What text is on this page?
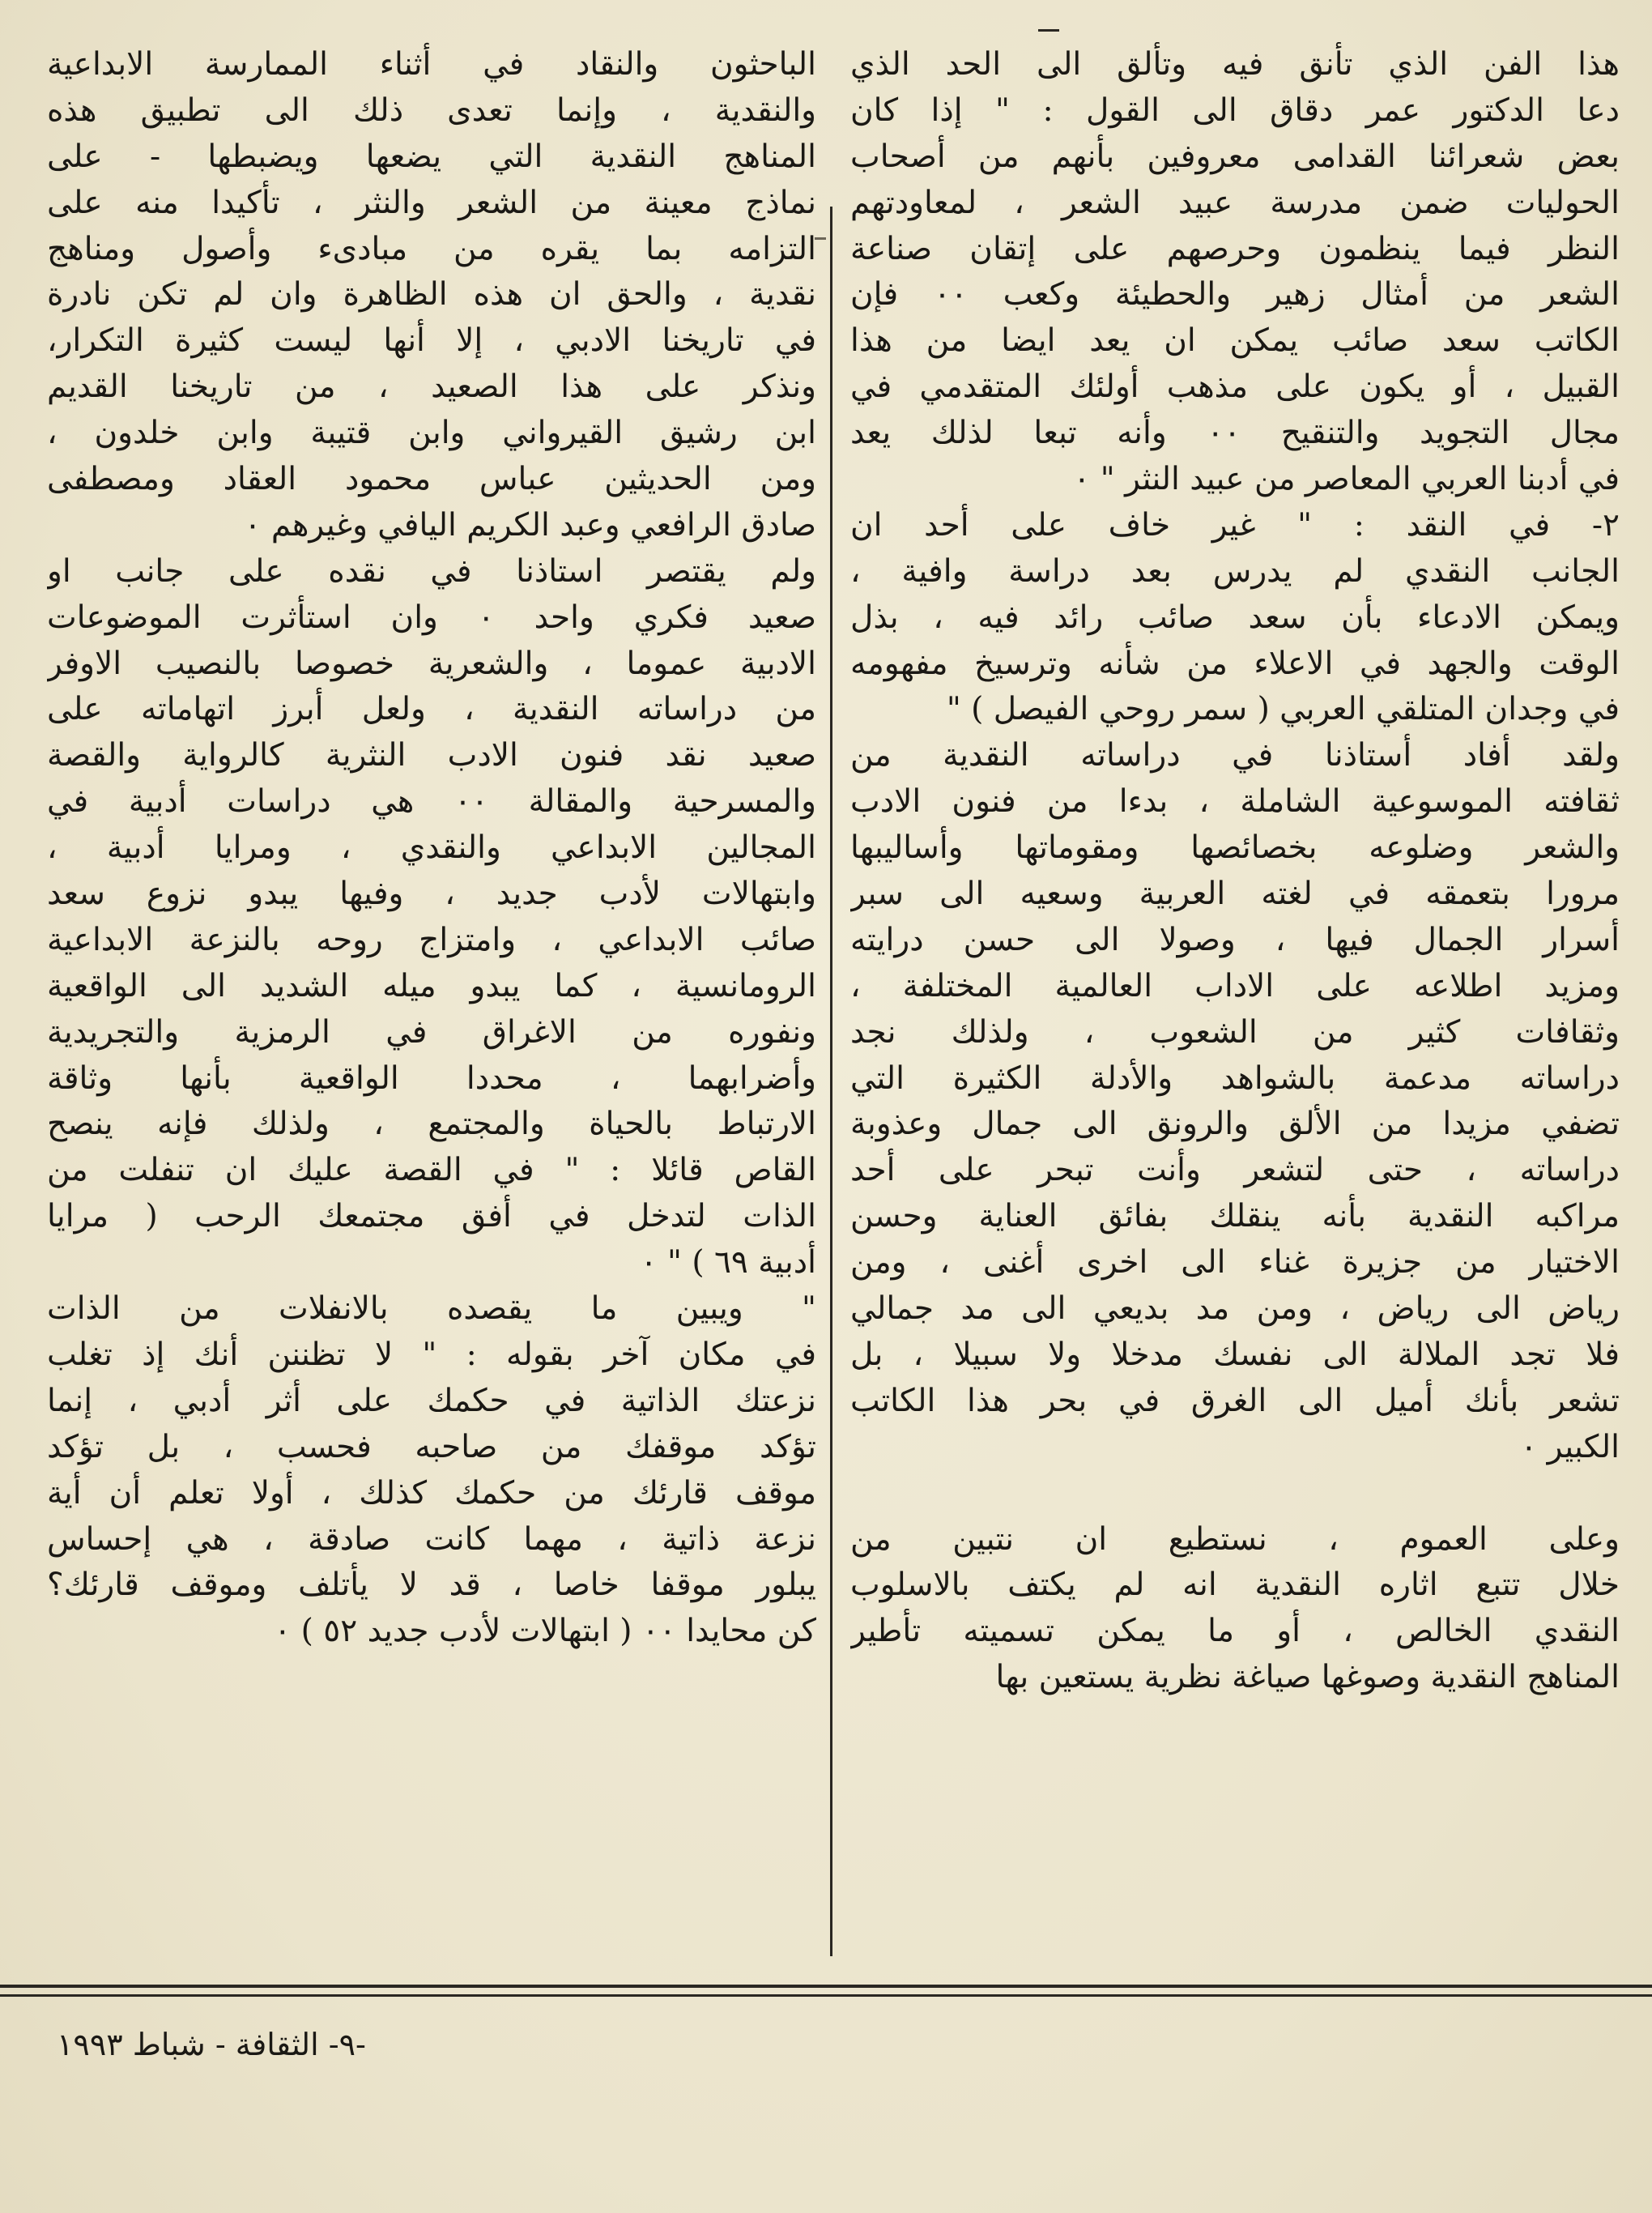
هذا الفن الذي تأنق فيه وتألق الى الحد الذي
دعا الدكتور عمر دقاق الى القول : " إذا كان
بعض شعرائنا القدامى معروفين بأنهم من أصحاب
الحوليات ضمن مدرسة عبيد الشعر ، لمعاودتهم
النظر فيما ينظمون وحرصهم على إتقان صناعة
الشعر من أمثال زهير والحطيئة وكعب ٠٠ فإن
الكاتب سعد صائب يمكن ان يعد ايضا من هذا
القبيل ، أو يكون على مذهب أولئك المتقدمي في
مجال التجويد والتنقيح ٠٠ وأنه تبعا لذلك يعد
في أدبنا العربي المعاصر من عبيد النثر " ٠
٢- في النقد : " غير خاف على أحد ان
الجانب النقدي لم يدرس بعد دراسة وافية ،
ويمكن الادعاء بأن سعد صائب رائد فيه ، بذل
الوقت والجهد في الاعلاء من شأنه وترسيخ مفهومه
في وجدان المتلقي العربي ( سمر روحي الفيصل ) "
ولقد أفاد أستاذنا في دراساته النقدية من
ثقافته الموسوعية الشاملة ، بدءا من فنون الادب
والشعر وضلوعه بخصائصها ومقوماتها وأساليبها
مرورا بتعمقه في لغته العربية وسعيه الى سبر
أسرار الجمال فيها ، وصولا الى حسن درايته
ومزيد اطلاعه على الاداب العالمية المختلفة ،
وثقافات كثير من الشعوب ، ولذلك نجد
دراساته مدعمة بالشواهد والأدلة الكثيرة التي
تضفي مزيدا من الألق والرونق الى جمال وعذوبة
دراساته ، حتى لتشعر وأنت تبحر على أحد
مراكبه النقدية بأنه ينقلك بفائق العناية وحسن
الاختيار من جزيرة غناء الى اخرى أغنى ، ومن
رياض الى رياض ، ومن مد بديعي الى مد جمالي
فلا تجد الملالة الى نفسك مدخلا ولا سبيلا ، بل
تشعر بأنك أميل الى الغرق في بحر هذا الكاتب
الكبير ٠
وعلى العموم ، نستطيع ان نتبين من
خلال تتبع اثاره النقدية انه لم يكتف بالاسلوب
النقدي الخالص ، أو ما يمكن تسميته تأطير
المناهج النقدية وصوغها صياغة نظرية يستعين بها
الباحثون والنقاد في أثناء الممارسة الابداعية
والنقدية ، وإنما تعدى ذلك الى تطبيق هذه
المناهج النقدية التي يضعها ويضبطها - على
نماذج معينة من الشعر والنثر ، تأكيدا منه على
التزامه بما يقره من مبادىء وأصول ومناهج
نقدية ، والحق ان هذه الظاهرة وان لم تكن نادرة
في تاريخنا الادبي ، إلا أنها ليست كثيرة التكرار،
ونذكر على هذا الصعيد ، من تاريخنا القديم
ابن رشيق القيرواني وابن قتيبة وابن خلدون ،
ومن الحديثين عباس محمود العقاد ومصطفى
صادق الرافعي وعبد الكريم اليافي وغيرهم ٠
ولم يقتصر استاذنا في نقده على جانب او
صعيد فكري واحد ٠ وان استأثرت الموضوعات
الادبية عموما ، والشعرية خصوصا بالنصيب الاوفر
من دراساته النقدية ، ولعل أبرز اتهاماته على
صعيد نقد فنون الادب النثرية كالرواية والقصة
والمسرحية والمقالة ٠٠ هي دراسات أدبية في
المجالين الابداعي والنقدي ، ومرايا أدبية ،
وابتهالات لأدب جديد ، وفيها يبدو نزوع سعد
صائب الابداعي ، وامتزاج روحه بالنزعة الابداعية
الرومانسية ، كما يبدو ميله الشديد الى الواقعية
ونفوره من الاغراق في الرمزية والتجريدية
وأضرابهما ، محددا الواقعية بأنها وثاقة
الارتباط بالحياة والمجتمع ، ولذلك فإنه ينصح
القاص قائلا : " في القصة عليك ان تنفلت من
الذات لتدخل في أفق مجتمعك الرحب ( مرايا
أدبية ٦٩ ) " ٠
" ويبين ما يقصده بالانفلات من الذات
في مكان آخر بقوله : " لا تظننن أنك إذ تغلب
نزعتك الذاتية في حكمك على أثر أدبي ، إنما
تؤكد موقفك من صاحبه فحسب ، بل تؤكد
موقف قارئك من حكمك كذلك ، أولا تعلم أن أية
نزعة ذاتية ، مهما كانت صادقة ، هي إحساس
يبلور موقفا خاصا ، قد لا يأتلف وموقف قارئك؟
كن محايدا ٠٠ ( ابتهالات لأدب جديد ٥٢ ) ٠
-٩- الثقافة - شباط ١٩٩٣
